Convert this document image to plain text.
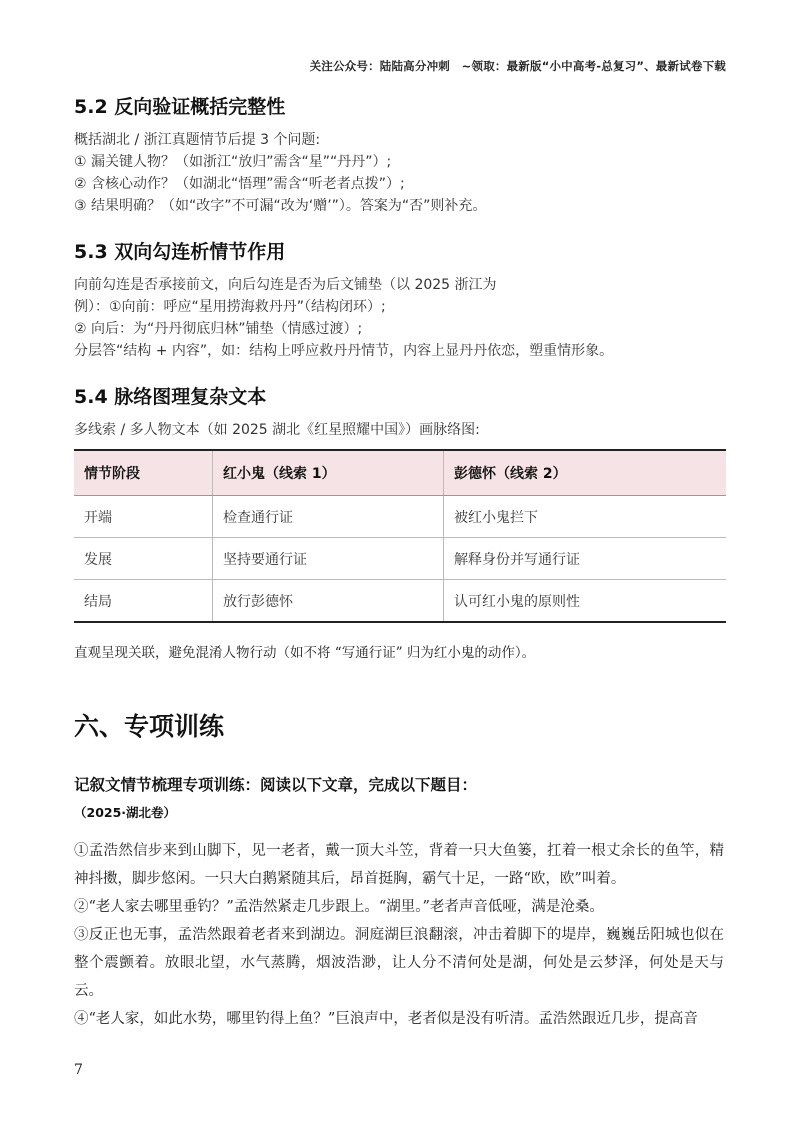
关注公众号：陆陆高分冲刺　~领取：最新版“小中高考-总复习”、最新试卷下载
5.2 反向验证概括完整性

概括湖北 / 浙江真题情节后提 3 个问题:

① 漏关键人物？（如浙江“放归”需含“星”“丹丹”）;

② 含核心动作？（如湖北“悟理”需含“听老者点拨”）;

③ 结果明确？（如“改字”不可漏“改为‘赠’”）。答案为“否”则补充。

5.3 双向勾连析情节作用

向前勾连是否承接前文，向后勾连是否为后文铺垫（以 2025 浙江为

例）：①向前：呼应“星用捞海救丹丹”（结构闭环）;

② 向后：为“丹丹彻底归林”铺垫（情感过渡）;

分层答“结构 + 内容”，如：结构上呼应救丹丹情节，内容上显丹丹依恋，塑重情形象。

5.4 脉络图理复杂文本

多线索 / 多人物文本（如 2025 湖北《红星照耀中国》）画脉络图:

情节阶段	红小鬼（线索 1）	彭德怀（线索 2）
开端	检查通行证	被红小鬼拦下
发展	坚持要通行证	解释身份并写通行证
结局	放行彭德怀	认可红小鬼的原则性
直观呈现关联，避免混淆人物行动（如不将 “写通行证” 归为红小鬼的动作）。
六、专项训练

记叙文情节梳理专项训练：阅读以下文章，完成以下题目：

（2025·湖北卷）

①孟浩然信步来到山脚下，见一老者，戴一顶大斗笠，背着一只大鱼篓，扛着一根丈余长的鱼竿，精神抖擞，脚步悠闲。一只大白鹅紧随其后，昂首挺胸，霸气十足，一路“欧，欧”叫着。

②“老人家去哪里垂钓？”孟浩然紧走几步跟上。“湖里。”老者声音低哑，满是沧桑。

③反正也无事，孟浩然跟着老者来到湖边。洞庭湖巨浪翻滚，冲击着脚下的堤岸，巍巍岳阳城也似在整个震颤着。放眼北望，水气蒸腾，烟波浩渺，让人分不清何处是湖，何处是云梦泽，何处是天与云。

④“老人家，如此水势，哪里钓得上鱼？”巨浪声中，老者似是没有听清。孟浩然跟近几步，提高音

7
